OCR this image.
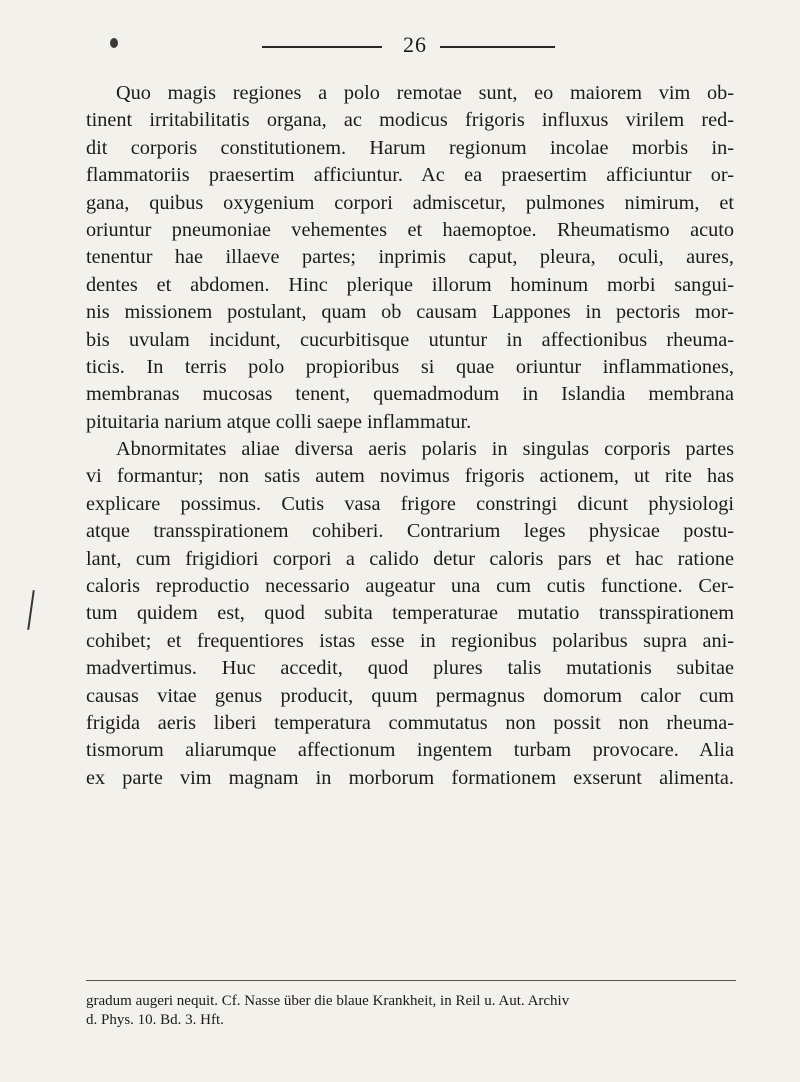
26
Quo magis regiones a polo remotae sunt, eo maiorem vim ob-
tinent irritabilitatis organa, ac modicus frigoris influxus virilem red-
dit corporis constitutionem. Harum regionum incolae morbis in-
flammatoriis praesertim afficiuntur. Ac ea praesertim afficiuntur or-
gana, quibus oxygenium corpori admiscetur, pulmones nimirum, et
oriuntur pneumoniae vehementes et haemoptoe. Rheumatismo acuto
tenentur hae illaeve partes; inprimis caput, pleura, oculi, aures,
dentes et abdomen. Hinc plerique illorum hominum morbi sangui-
nis missionem postulant, quam ob causam Lappones in pectoris mor-
bis uvulam incidunt, cucurbitisque utuntur in affectionibus rheuma-
ticis. In terris polo propioribus si quae oriuntur inflammationes,
membranas mucosas tenent, quemadmodum in Islandia membrana
pituitaria narium atque colli saepe inflammatur.
Abnormitates aliae diversa aeris polaris in singulas corporis partes
vi formantur; non satis autem novimus frigoris actionem, ut rite has
explicare possimus. Cutis vasa frigore constringi dicunt physiologi
atque transspirationem cohiberi. Contrarium leges physicae postu-
lant, cum frigidiori corpori a calido detur caloris pars et hac ratione
caloris reproductio necessario augeatur una cum cutis functione. Cer-
tum quidem est, quod subita temperaturae mutatio transspirationem
cohibet; et frequentiores istas esse in regionibus polaribus supra ani-
madvertimus. Huc accedit, quod plures talis mutationis subitae
causas vitae genus producit, quum permagnus domorum calor cum
frigida aeris liberi temperatura commutatus non possit non rheuma-
tismorum aliarumque affectionum ingentem turbam provocare. Alia
ex parte vim magnam in morborum formationem exserunt alimenta.
gradum augeri nequit. Cf. Nasse über die blaue Krankheit, in Reil u. Aut. Archiv
d. Phys. 10. Bd. 3. Hft.
